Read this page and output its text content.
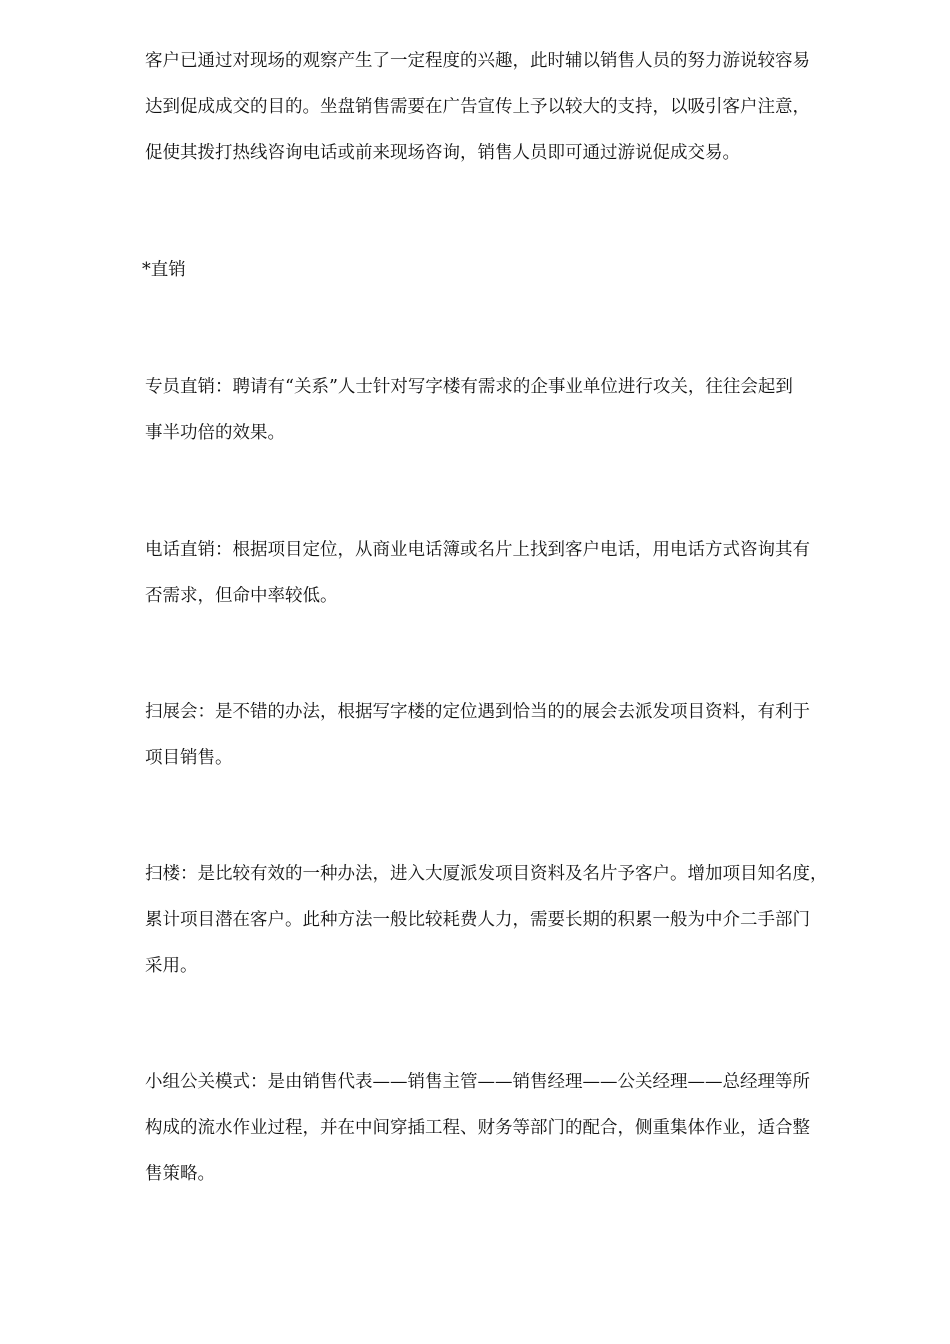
客户已通过对现场的观察产生了一定程度的兴趣，此时辅以销售人员的努力游说较容易
达到促成成交的目的。坐盘销售需要在广告宣传上予以较大的支持，以吸引客户注意，
促使其拨打热线咨询电话或前来现场咨询，销售人员即可通过游说促成交易。

*直销

专员直销：聘请有“关系”人士针对写字楼有需求的企事业单位进行攻关，往往会起到
事半功倍的效果。

电话直销：根据项目定位，从商业电话簿或名片上找到客户电话，用电话方式咨询其有
否需求，但命中率较低。

扫展会：是不错的办法，根据写字楼的定位遇到恰当的的展会去派发项目资料，有利于
项目销售。

扫楼：是比较有效的一种办法，进入大厦派发项目资料及名片予客户。增加项目知名度，
累计项目潜在客户。此种方法一般比较耗费人力，需要长期的积累一般为中介二手部门
采用。

小组公关模式：是由销售代表——销售主管——销售经理——公关经理——总经理等所
构成的流水作业过程，并在中间穿插工程、财务等部门的配合，侧重集体作业，适合整
售策略。
